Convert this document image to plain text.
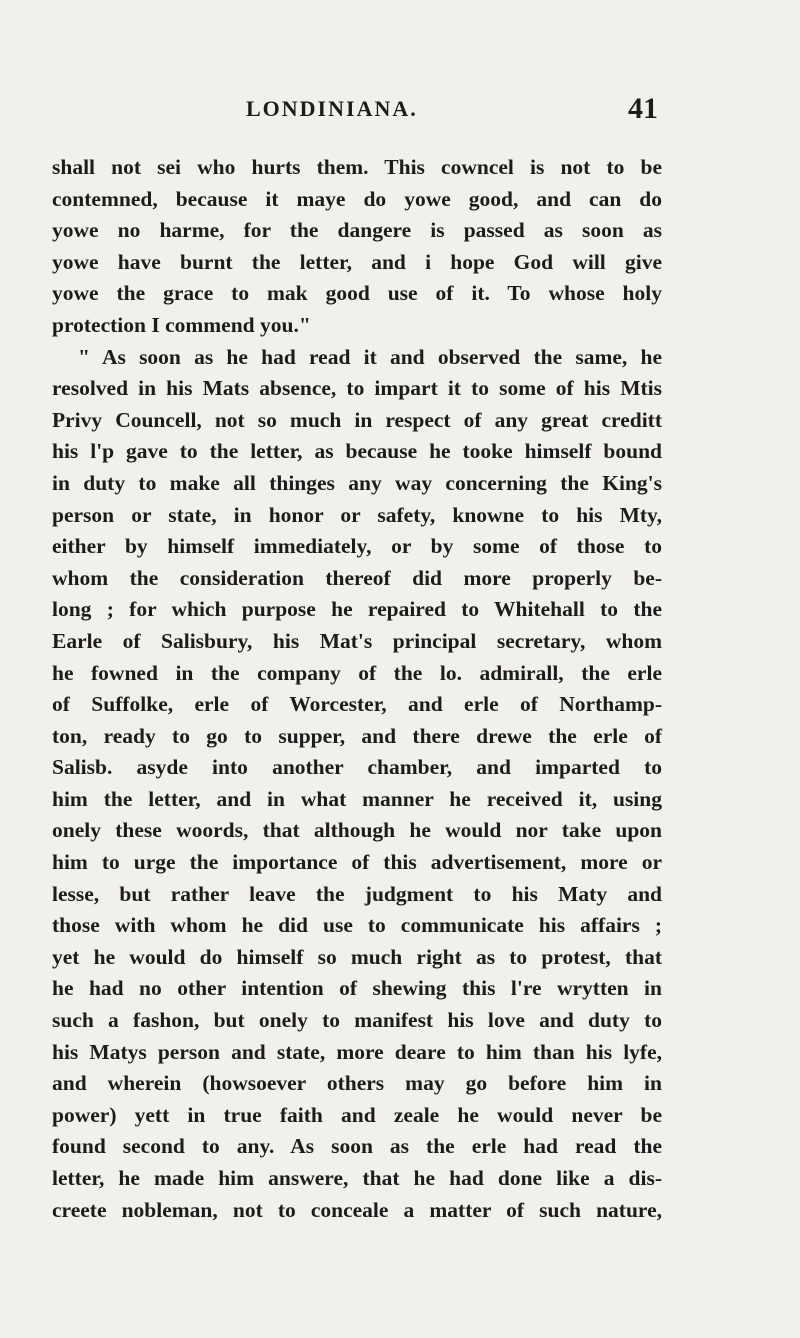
LONDINIANA.	41
shall not sei who hurts them. This cowncel is not to be
contemned, because it maye do yowe good, and can do
yowe no harme, for the dangere is passed as soon as
yowe have burnt the letter, and i hope God will give
yowe the grace to mak good use of it. To whose holy
protection I commend you."
" As soon as he had read it and observed the same, he
resolved in his Mats absence, to impart it to some of his Mtis
Privy Councell, not so much in respect of any great creditt
his l'p gave to the letter, as because he tooke himself bound
in duty to make all thinges any way concerning the King's
person or state, in honor or safety, knowne to his Mty,
either by himself immediately, or by some of those to
whom the consideration thereof did more properly be-
long ; for which purpose he repaired to Whitehall to the
Earle of Salisbury, his Mat's principal secretary, whom
he fowned in the company of the lo. admirall, the erle
of Suffolke, erle of Worcester, and erle of Northamp-
ton, ready to go to supper, and there drewe the erle of
Salisb. asyde into another chamber, and imparted to
him the letter, and in what manner he received it, using
onely these woords, that although he would nor take upon
him to urge the importance of this advertisement, more or
lesse, but rather leave the judgment to his Maty and
those with whom he did use to communicate his affairs ;
yet he would do himself so much right as to protest, that
he had no other intention of shewing this l're wrytten in
such a fashon, but onely to manifest his love and duty to
his Matys person and state, more deare to him than his lyfe,
and wherein (howsoever others may go before him in
power) yett in true faith and zeale he would never be
found second to any. As soon as the erle had read the
letter, he made him answere, that he had done like a dis-
creete nobleman, not to conceale a matter of such nature,
